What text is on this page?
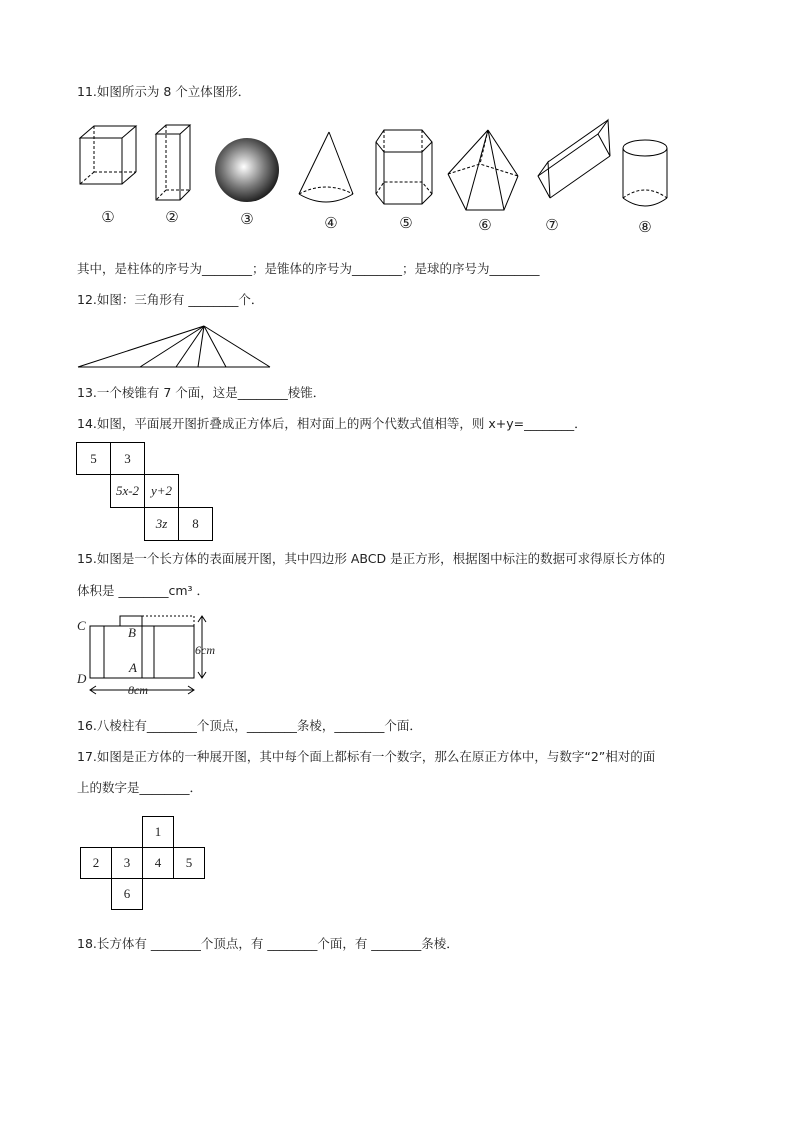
11.如图所示为 8 个立体图形．
①	②	③	④	⑤	⑥	⑦	⑧
其中，是柱体的序号为________；是锥体的序号为________；是球的序号为________
12.如图：三角形有 ________个．
13.一个棱锥有 7 个面，这是________棱锥．
14.如图，平面展开图折叠成正方体后，相对面上的两个代数式值相等，则 x+y=________．
5	3
5x-2 y+2
3z	8
15.如图是一个长方体的表面展开图，其中四边形 ABCD 是正方形，根据图中标注的数据可求得原长方体的
体积是 ________cm³ ．
C
D
B
A
6cm
8cm
16.八棱柱有________个顶点，________条棱，________个面．
17.如图是正方体的一种展开图，其中每个面上都标有一个数字，那么在原正方体中，与数字“2”相对的面
上的数字是________．
1
2	3	4	5
6
18.长方体有 ________个顶点，有 ________个面，有 ________条棱．
